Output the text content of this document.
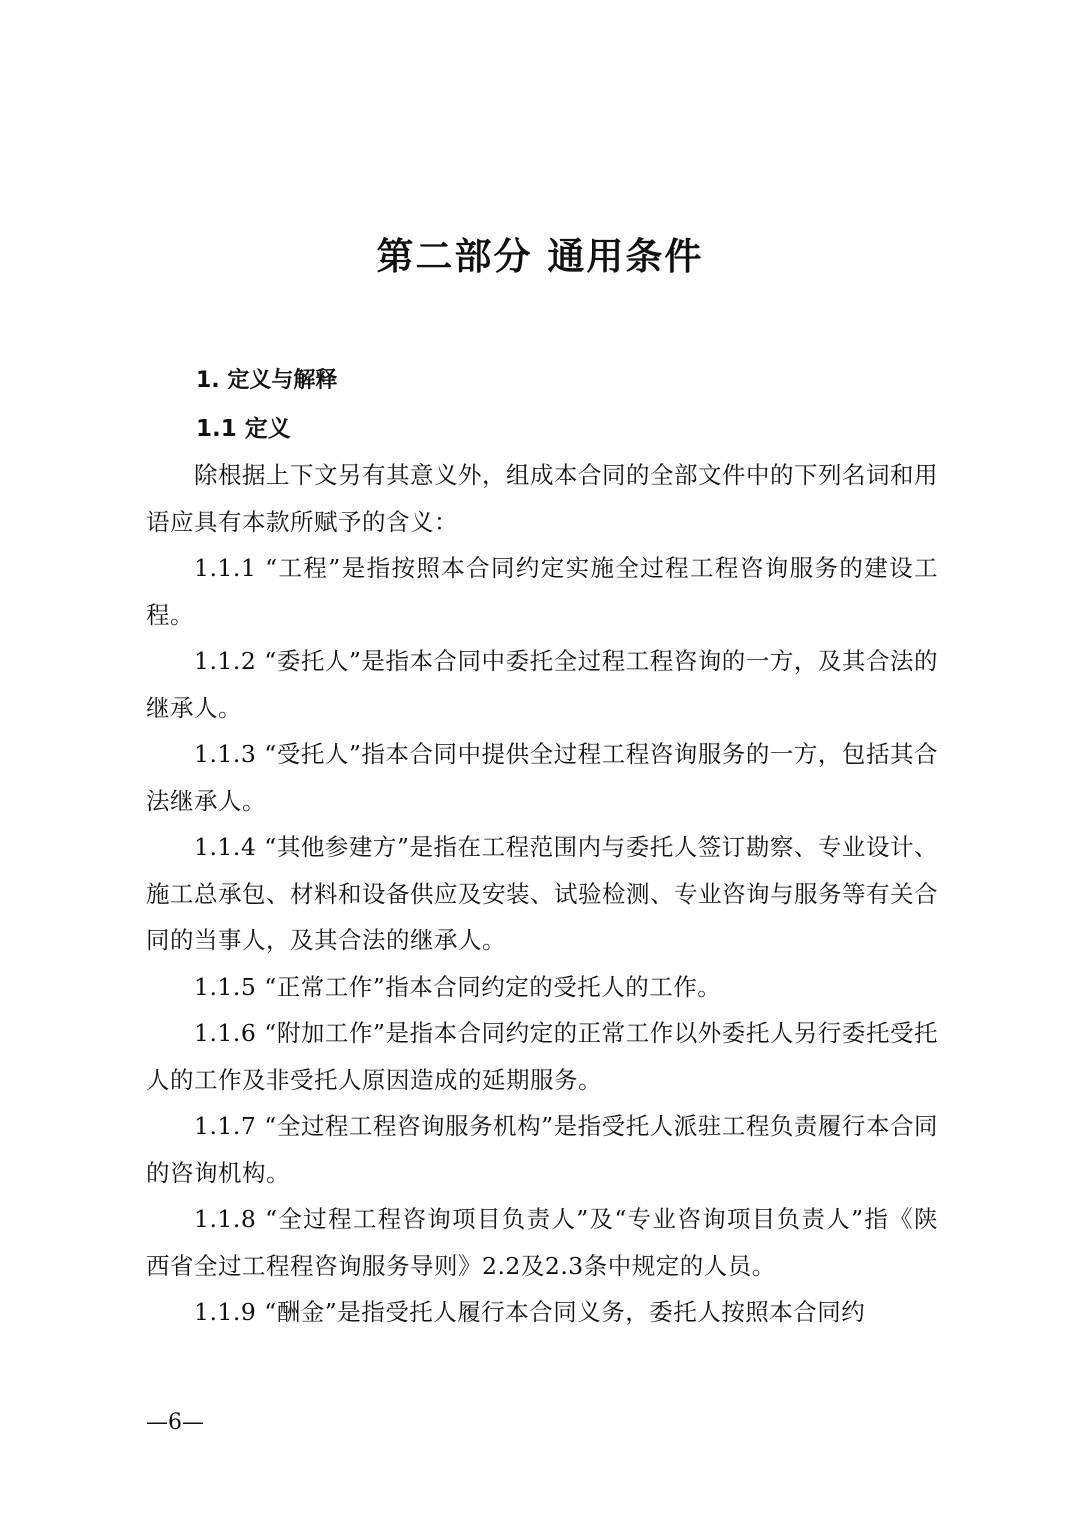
第二部分 通用条件
1. 定义与解释
1.1 定义

除根据上下文另有其意义外，组成本合同的全部文件中的下列名词和用语应具有本款所赋予的含义：

1.1.1 “工程”是指按照本合同约定实施全过程工程咨询服务的建设工程。

1.1.2 “委托人”是指本合同中委托全过程工程咨询的一方，及其合法的继承人。

1.1.3 “受托人”指本合同中提供全过程工程咨询服务的一方，包括其合法继承人。

1.1.4 “其他参建方”是指在工程范围内与委托人签订勘察、专业设计、施工总承包、材料和设备供应及安装、试验检测、专业咨询与服务等有关合同的当事人，及其合法的继承人。

1.1.5 “正常工作”指本合同约定的受托人的工作。

1.1.6 “附加工作”是指本合同约定的正常工作以外委托人另行委托受托人的工作及非受托人原因造成的延期服务。

1.1.7 “全过程工程咨询服务机构”是指受托人派驻工程负责履行本合同的咨询机构。

1.1.8 “全过程工程咨询项目负责人”及“专业咨询项目负责人”指《陕西省全过工程程咨询服务导则》2.2及2.3条中规定的人员。

1.1.9 “酬金”是指受托人履行本合同义务，委托人按照本合同约

—6—
